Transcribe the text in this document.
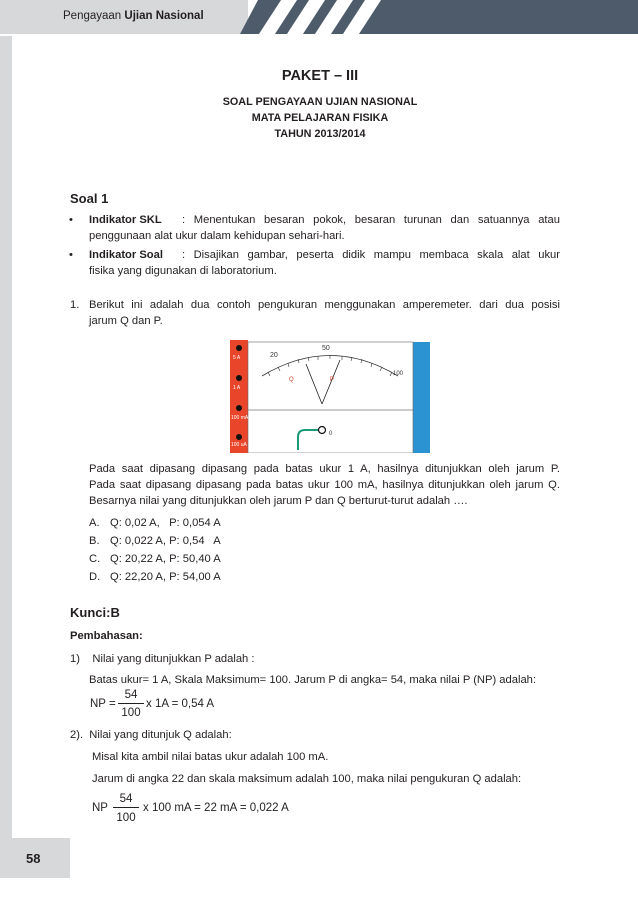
Pengayaan Ujian Nasional
PAKET – III
SOAL PENGAYAAN UJIAN NASIONAL
MATA PELAJARAN FISIKA
TAHUN 2013/2014
Soal 1
• Indikator SKL : Menentukan besaran pokok, besaran turunan dan satuannya atau
penggunaan alat ukur dalam kehidupan sehari-hari.
• Indikator Soal : Disajikan gambar, peserta didik mampu membaca skala alat ukur
fisika yang digunakan di laboratorium.
1. Berikut ini adalah dua contoh pengukuran menggunakan amperemeter. dari dua posisi
jarum Q dan P.
5 A
1 A
100 mA
100 uA
20
50
100
Q	P
0
Pada saat dipasang dipasang pada batas ukur 1 A, hasilnya ditunjukkan oleh jarum P.
Pada saat dipasang dipasang pada batas ukur 100 mA, hasilnya ditunjukkan oleh jarum Q.
Besarnya nilai yang ditunjukkan oleh jarum P dan Q berturut-turut adalah ….
A. Q: 0,02 A,   P: 0,054 A
B. Q: 0,022 A, P: 0,54   A
C. Q: 20,22 A, P: 50,40 A
D. Q: 22,20 A, P: 54,00 A
Kunci:B
Pembahasan:
1)    Nilai yang ditunjukkan P adalah :
Batas ukur= 1 A, Skala Maksimum= 100. Jarum P di angka= 54, maka nilai P (NP) adalah:
NP =
54
100
x 1A = 0,54 A
2).  Nilai yang ditunjuk Q adalah:
Misal kita ambil nilai batas ukur adalah 100 mA.
Jarum di angka 22 dan skala maksimum adalah 100, maka nilai pengukuran Q adalah:
NP
54
100
x 100 mA = 22 mA = 0,022 A
58
